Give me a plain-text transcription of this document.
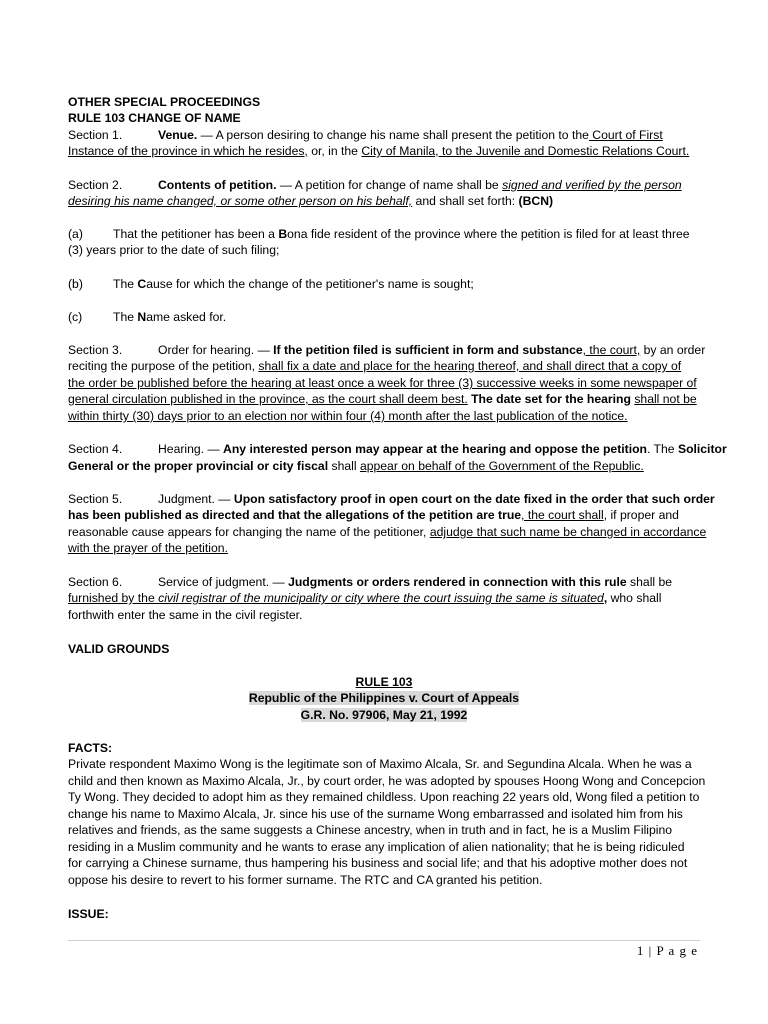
OTHER SPECIAL PROCEEDINGS
RULE 103 CHANGE OF NAME
Section 1.	Venue. — A person desiring to change his name shall present the petition to the Court of First
Instance of the province in which he resides, or, in the City of Manila, to the Juvenile and Domestic Relations Court.
Section 2.	Contents of petition. — A petition for change of name shall be signed and verified by the person
desiring his name changed, or some other person on his behalf, and shall set forth: (BCN)
(a) That the petitioner has been a Bona fide resident of the province where the petition is filed for at least three
(3) years prior to the date of such filing;
(b) The Cause for which the change of the petitioner's name is sought;
(c)	The Name asked for.
Section 3.	Order for hearing. — If the petition filed is sufficient in form and substance, the court, by an order
reciting the purpose of the petition, shall fix a date and place for the hearing thereof, and shall direct that a copy of
the order be published before the hearing at least once a week for three (3) successive weeks in some newspaper of
general circulation published in the province, as the court shall deem best. The date set for the hearing shall not be
within thirty (30) days prior to an election nor within four (4) month after the last publication of the notice.
Section 4.	Hearing. — Any interested person may appear at the hearing and oppose the petition. The Solicitor
General or the proper provincial or city fiscal shall appear on behalf of the Government of the Republic.
Section 5.	Judgment. — Upon satisfactory proof in open court on the date fixed in the order that such order
has been published as directed and that the allegations of the petition are true, the court shall, if proper and
reasonable cause appears for changing the name of the petitioner, adjudge that such name be changed in accordance
with the prayer of the petition.
Section 6.	Service of judgment. — Judgments or orders rendered in connection with this rule shall be
furnished by the civil registrar of the municipality or city where the court issuing the same is situated, who shall
forthwith enter the same in the civil register.
VALID GROUNDS
RULE 103
Republic of the Philippines v. Court of Appeals
G.R. No. 97906, May 21, 1992
FACTS:
Private respondent Maximo Wong is the legitimate son of Maximo Alcala, Sr. and Segundina Alcala. When he was a
child and then known as Maximo Alcala, Jr., by court order, he was adopted by spouses Hoong Wong and Concepcion
Ty Wong. They decided to adopt him as they remained childless. Upon reaching 22 years old, Wong filed a petition to
change his name to Maximo Alcala, Jr. since his use of the surname Wong embarrassed and isolated him from his
relatives and friends, as the same suggests a Chinese ancestry, when in truth and in fact, he is a Muslim Filipino
residing in a Muslim community and he wants to erase any implication of alien nationality; that he is being ridiculed
for carrying a Chinese surname, thus hampering his business and social life; and that his adoptive mother does not
oppose his desire to revert to his former surname. The RTC and CA granted his petition.
ISSUE:
1 | P a g e
